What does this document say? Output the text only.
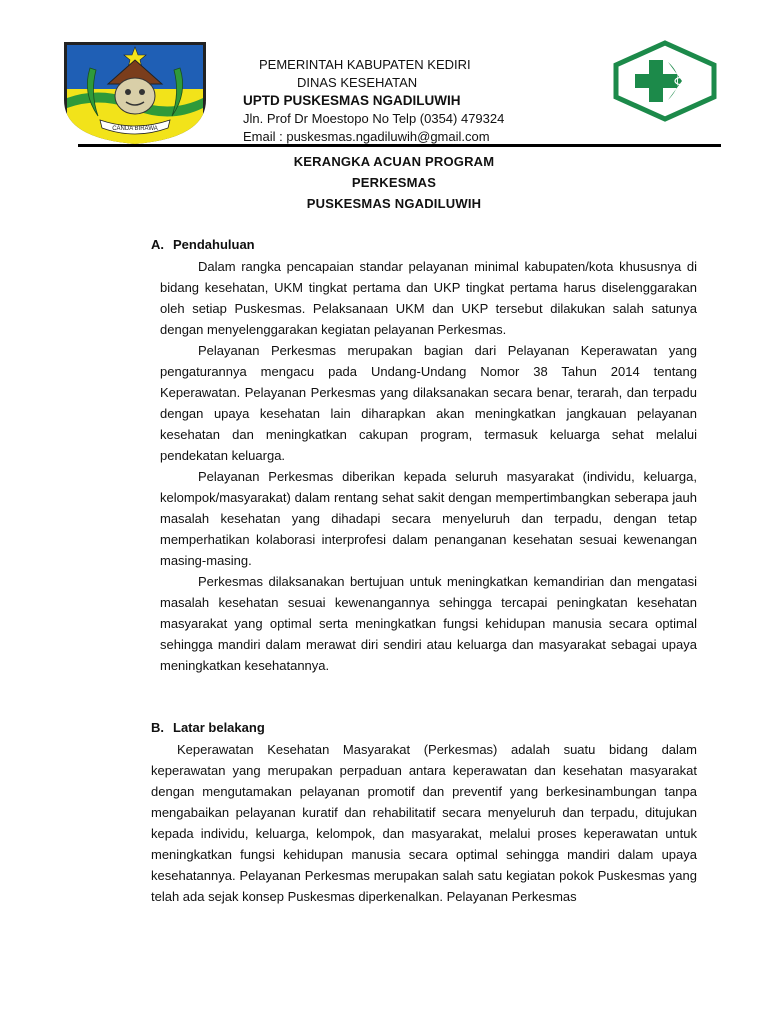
CANDA BIRAWA
PEMERINTAH KABUPATEN KEDIRI
DINAS KESEHATAN
UPTD PUSKESMAS NGADILUWIH
Jln. Prof Dr Moestopo No Telp (0354) 479324
Email : puskesmas.ngadiluwih@gmail.com
KERANGKA ACUAN PROGRAM
PERKESMAS
PUSKESMAS NGADILUWIH
A. Pendahuluan

Dalam rangka pencapaian standar pelayanan minimal kabupaten/kota khususnya di bidang kesehatan, UKM tingkat pertama dan UKP tingkat pertama harus diselenggarakan oleh setiap Puskesmas. Pelaksanaan UKM dan UKP tersebut dilakukan salah satunya dengan menyelenggarakan kegiatan pelayanan Perkesmas.

Pelayanan Perkesmas merupakan bagian dari Pelayanan Keperawatan yang pengaturannya mengacu pada Undang-Undang Nomor 38 Tahun 2014 tentang Keperawatan. Pelayanan Perkesmas yang dilaksanakan secara benar, terarah, dan terpadu dengan upaya kesehatan lain diharapkan akan meningkatkan jangkauan pelayanan kesehatan dan meningkatkan cakupan program, termasuk keluarga sehat melalui pendekatan keluarga.

Pelayanan Perkesmas diberikan kepada seluruh masyarakat (individu, keluarga, kelompok/masyarakat) dalam rentang sehat sakit dengan mempertimbangkan seberapa jauh masalah kesehatan yang dihadapi secara menyeluruh dan terpadu, dengan tetap memperhatikan kolaborasi interprofesi dalam penanganan kesehatan sesuai kewenangan masing-masing.

Perkesmas dilaksanakan bertujuan untuk meningkatkan kemandirian dan mengatasi masalah kesehatan sesuai kewenangannya sehingga tercapai peningkatan kesehatan masyarakat yang optimal serta meningkatkan fungsi kehidupan manusia secara optimal sehingga mandiri dalam merawat diri sendiri atau keluarga dan masyarakat sebagai upaya meningkatkan kesehatannya.

B. Latar belakang

Keperawatan Kesehatan Masyarakat (Perkesmas) adalah suatu bidang dalam keperawatan yang merupakan perpaduan antara keperawatan dan kesehatan masyarakat dengan mengutamakan pelayanan promotif dan preventif yang berkesinambungan tanpa mengabaikan pelayanan kuratif dan rehabilitatif secara menyeluruh dan terpadu, ditujukan kepada individu, keluarga, kelompok, dan masyarakat, melalui proses keperawatan untuk meningkatkan fungsi kehidupan manusia secara optimal sehingga mandiri dalam upaya kesehatannya. Pelayanan Perkesmas merupakan salah satu kegiatan pokok Puskesmas yang telah ada sejak konsep Puskesmas diperkenalkan. Pelayanan Perkesmas
